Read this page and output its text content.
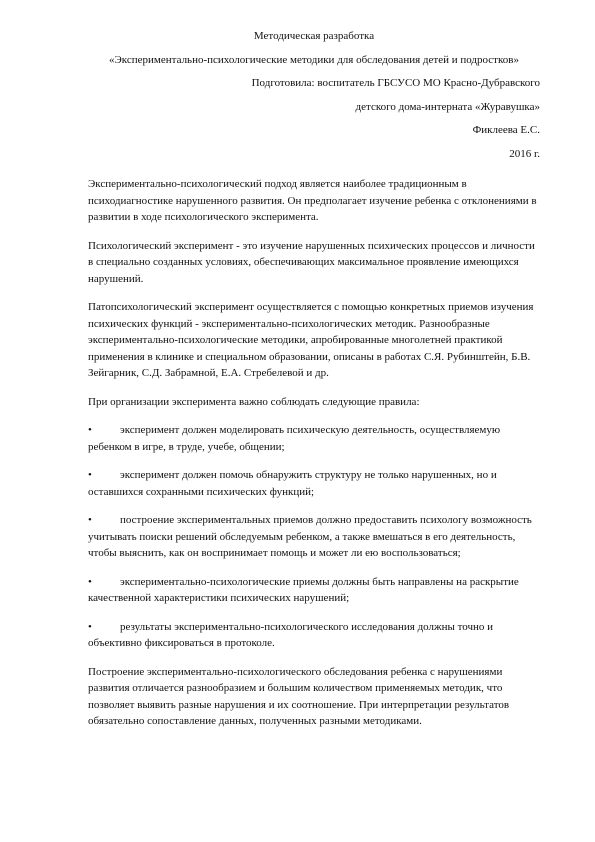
Методическая разработка
«Экспериментально-психологические методики для обследования детей и подростков»
Подготовила: воспитатель ГБСУСО МО Красно-Дубравского
детского дома-интерната «Журавушка»
Фиклеева Е.С.
2016 г.

Экспериментально-психологический подход является наиболее традиционным в психодиагностике нарушенного развития. Он предполагает изучение ребенка с отклонениями в развитии в ходе психологического эксперимента.

Психологический эксперимент - это изучение нарушенных психических процессов и личности в специально созданных условиях, обеспечивающих максимальное проявление имеющихся нарушений.

Патопсихологический эксперимент осуществляется с помощью конкретных приемов изучения психических функций - экспериментально-психологических методик. Разнообразные экспериментально-психологические методики, апробированные многолетней практикой применения в клинике и специальном образовании, описаны в работах С.Я. Рубинштейн, Б.В. Зейгарник, С.Д. Забрамной, Е.А. Стребелевой и др.

При организации эксперимента важно соблюдать следующие правила:

•	эксперимент должен моделировать психическую деятельность, осуществляемую ребенком в игре, в труде, учебе, общении;
•	эксперимент должен помочь обнаружить структуру не только нарушенных, но и оставшихся сохранными психических функций;
•	построение экспериментальных приемов должно предоставить психологу возможность учитывать поиски решений обследуемым ребенком, а также вмешаться в его деятельность, чтобы выяснить, как он воспринимает помощь и может ли ею воспользоваться;
•	экспериментально-психологические приемы должны быть направлены на раскрытие качественной характеристики психических нарушений;
•	результаты экспериментально-психологического исследования должны точно и объективно фиксироваться в протоколе.

Построение экспериментально-психологического обследования ребенка с нарушениями развития отличается разнообразием и большим количеством применяемых методик, что позволяет выявить разные нарушения и их соотношение. При интерпретации результатов обязательно сопоставление данных, полученных разными методиками.
